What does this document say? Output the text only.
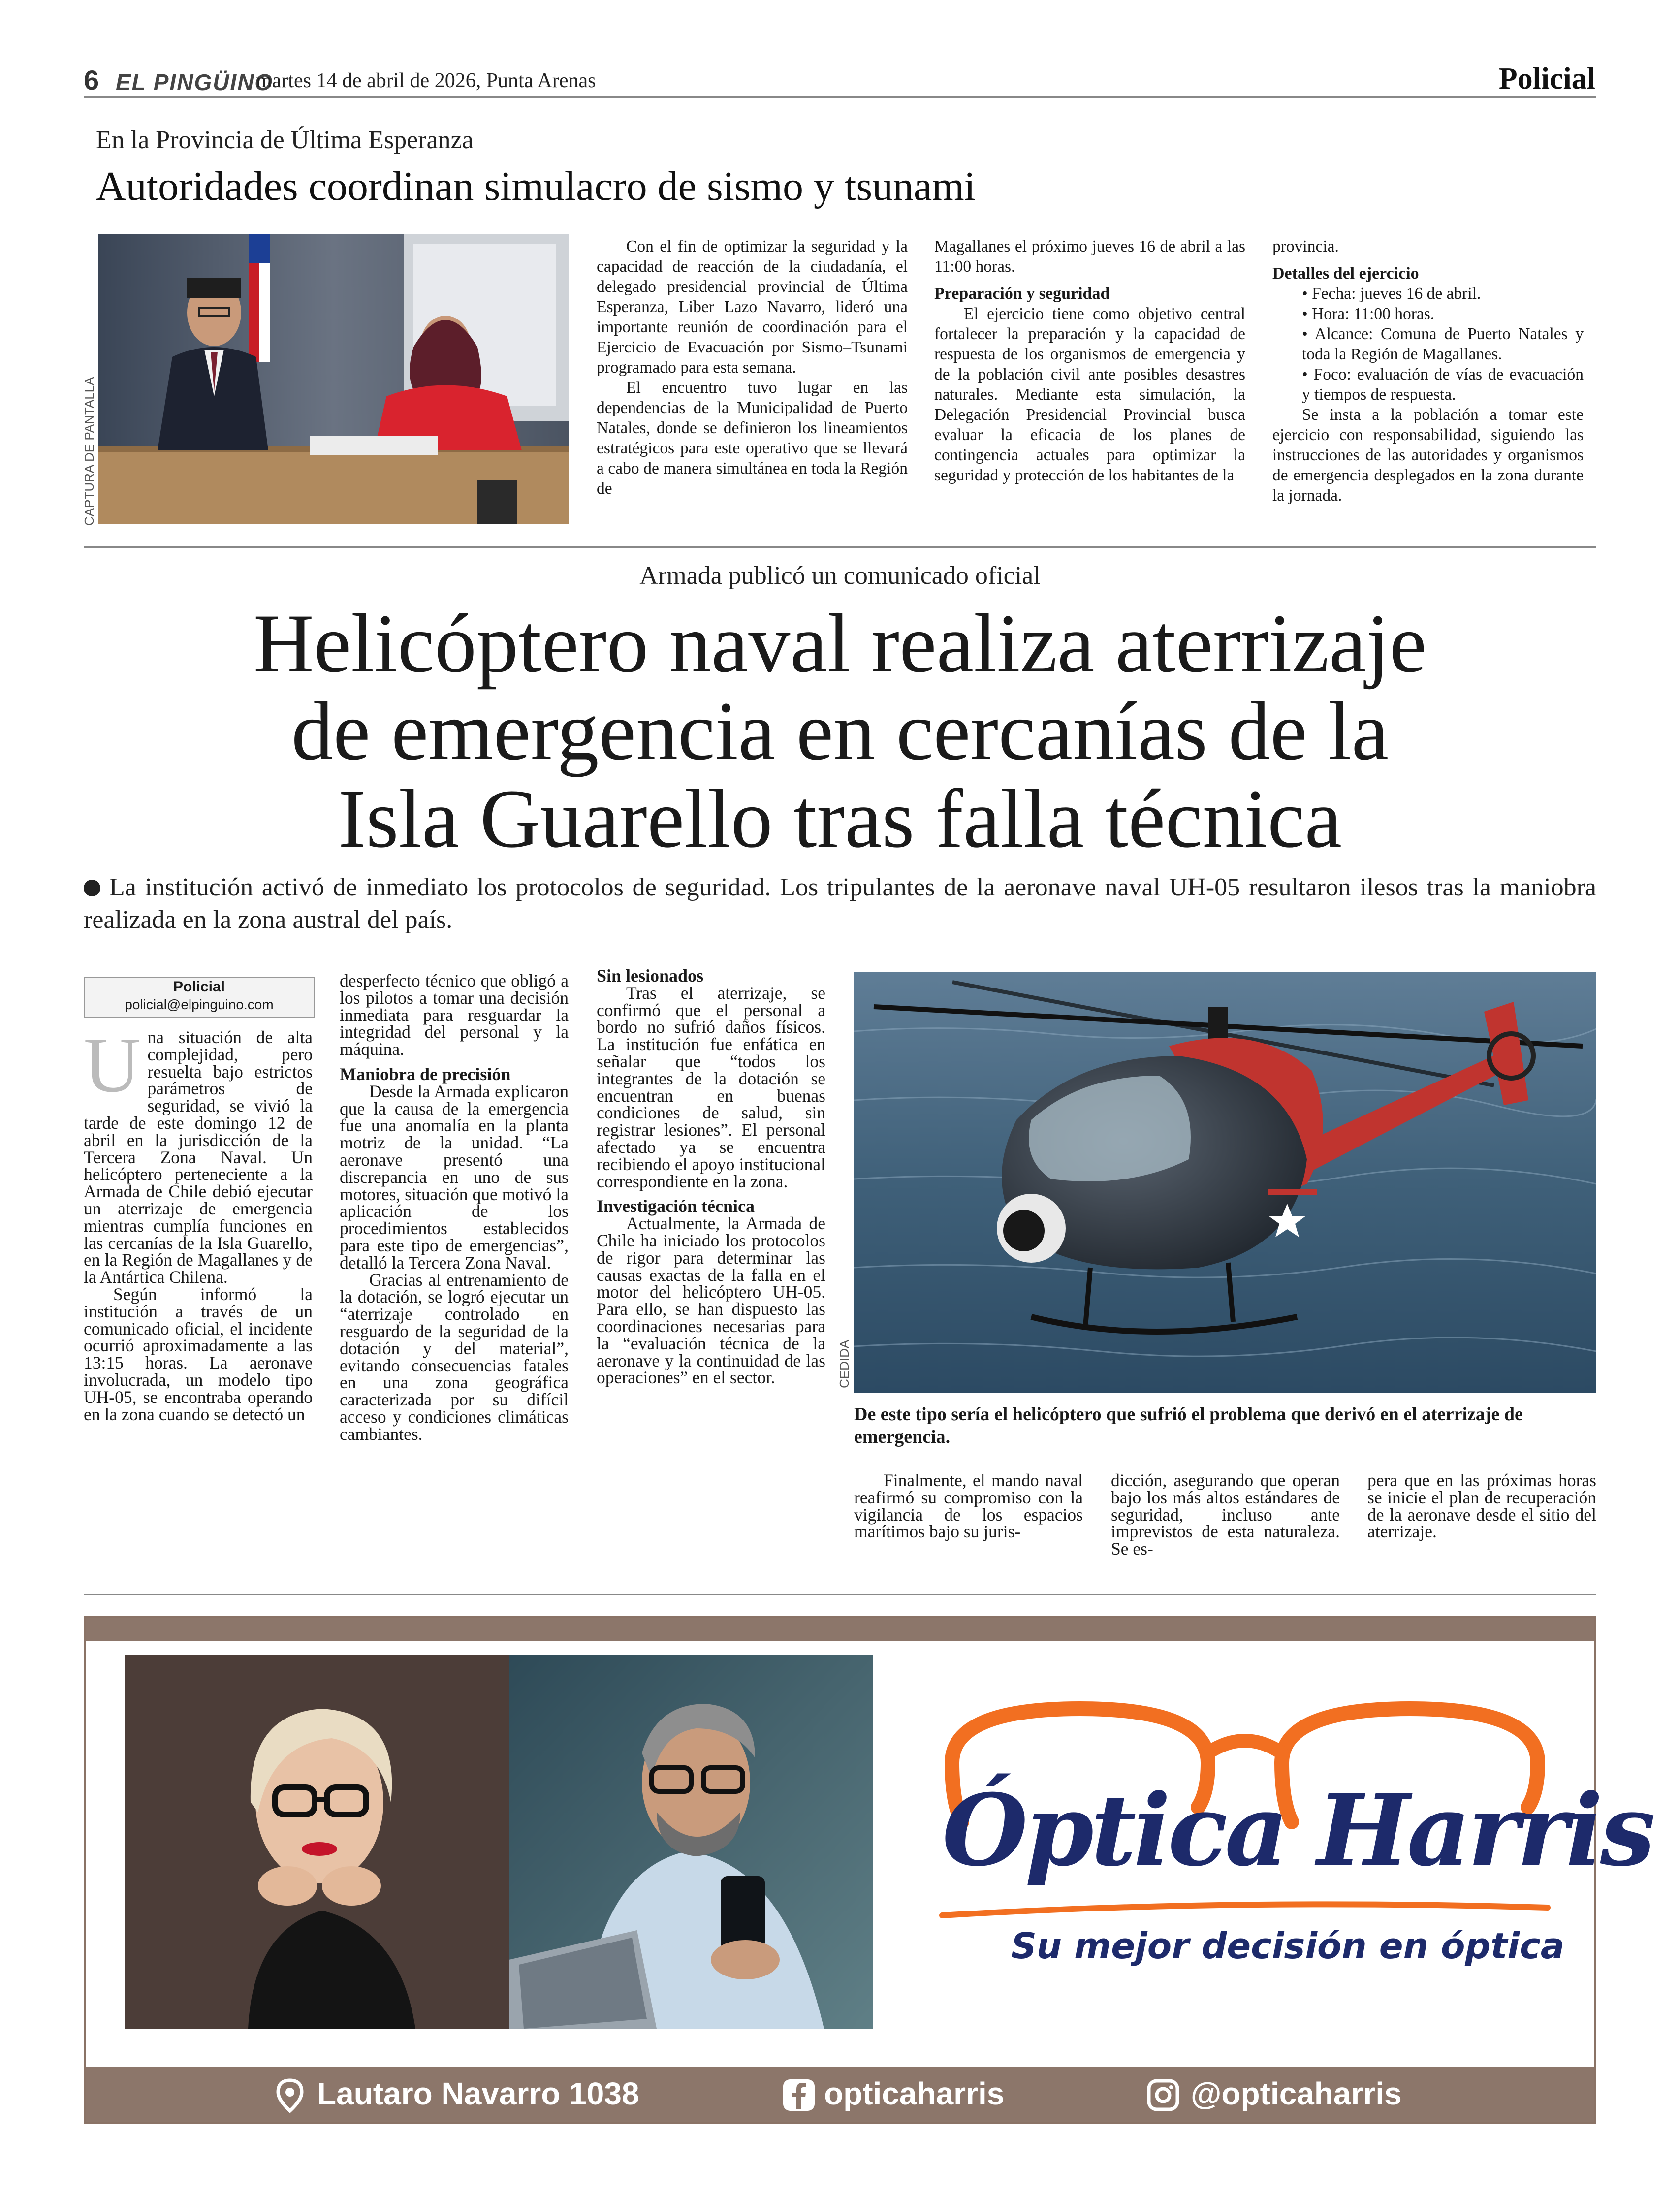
6 EL PINGÜINO
martes 14 de abril de 2026, Punta Arenas	Policial
En la Provincia de Última Esperanza
Autoridades coordinan simulacro de sismo y tsunami
CAPTURA DE PANTALLA

Con el fin de optimizar la seguridad y la capacidad de reacción de la ciudadanía, el delegado presidencial provincial de Última Esperanza, Liber Lazo Navarro, lideró una importante reunión de coordinación para el Ejercicio de Evacuación por Sismo–Tsunami programado para esta semana.

El encuentro tuvo lugar en las dependencias de la Municipalidad de Puerto Natales, donde se definieron los lineamientos estratégicos para este operativo que se llevará a cabo de manera simultánea en toda la Región de

Magallanes el próximo jueves 16 de abril a las 11:00 horas.

Preparación y seguridad

El ejercicio tiene como objetivo central fortalecer la preparación y la capacidad de respuesta de los organismos de emergencia y de la población civil ante posibles desastres naturales. Mediante esta simulación, la Delegación Presidencial Provincial busca evaluar la eficacia de los planes de contingencia actuales para optimizar la seguridad y protección de los habitantes de la

provincia.

Detalles del ejercicio
• Fecha: jueves 16 de abril.
• Hora: 11:00 horas.
• Alcance: Comuna de Puerto Natales y toda la Región de Magallanes.
• Foco: evaluación de vías de evacuación y tiempos de respuesta.

Se insta a la población a tomar este ejercicio con responsabilidad, siguiendo las instrucciones de las autoridades y organismos de emergencia desplegados en la zona durante la jornada.

Armada publicó un comunicado oficial
Helicóptero naval realiza aterrizaje
de emergencia en cercanías de la
Isla Guarello tras falla técnica
La institución activó de inmediato los protocolos de seguridad. Los tripulantes de la aeronave naval UH-05 resultaron ilesos tras la maniobra realizada en la zona austral del país.
Policial
policial@elpinguino.com

Una situación de alta complejidad, pero resuelta bajo estrictos parámetros de seguridad, se vivió la tarde de este domingo 12 de abril en la jurisdicción de la Tercera Zona Naval. Un helicóptero perteneciente a la Armada de Chile debió ejecutar un aterrizaje de emergencia mientras cumplía funciones en las cercanías de la Isla Guarello, en la Región de Magallanes y de la Antártica Chilena.

Según informó la institución a través de un comunicado oficial, el incidente ocurrió aproximadamente a las 13:15 horas. La aeronave involucrada, un modelo tipo UH-05, se encontraba operando en la zona cuando se detectó un

desperfecto técnico que obligó a los pilotos a tomar una decisión inmediata para resguardar la integridad del personal y la máquina.

Maniobra de precisión

Desde la Armada explicaron que la causa de la emergencia fue una anomalía en la planta motriz de la unidad. “La aeronave presentó una discrepancia en uno de sus motores, situación que motivó la aplicación de los procedimientos establecidos para este tipo de emergencias”, detalló la Tercera Zona Naval.

Gracias al entrenamiento de la dotación, se logró ejecutar un “aterrizaje controlado en resguardo de la seguridad de la dotación y del material”, evitando consecuencias fatales en una zona geográfica caracterizada por su difícil acceso y condiciones climáticas cambiantes.

Sin lesionados

Tras el aterrizaje, se confirmó que el personal a bordo no sufrió daños físicos. La institución fue enfática en señalar que “todos los integrantes de la dotación se encuentran en buenas condiciones de salud, sin registrar lesiones”. El personal afectado ya se encuentra recibiendo el apoyo institucional correspondiente en la zona.

Investigación técnica

Actualmente, la Armada de Chile ha iniciado los protocolos de rigor para determinar las causas exactas de la falla en el motor del helicóptero UH-05. Para ello, se han dispuesto las coordinaciones necesarias para la “evaluación técnica de la aeronave y la continuidad de las operaciones” en el sector.	CEDIDA
De este tipo sería el helicóptero que sufrió el problema que derivó en el aterrizaje de emergencia.

Finalmente, el mando naval reafirmó su compromiso con la vigilancia de los espacios marítimos bajo su juris-

dicción, asegurando que operan bajo los más altos estándares de seguridad, incluso ante imprevistos de esta naturaleza. Se es-

pera que en las próximas horas se inicie el plan de recuperación de la aeronave desde el sitio del aterrizaje.

Óptica Harris
Su mejor decisión en óptica
Lautaro Navarro 1038	opticaharris	@opticaharris
